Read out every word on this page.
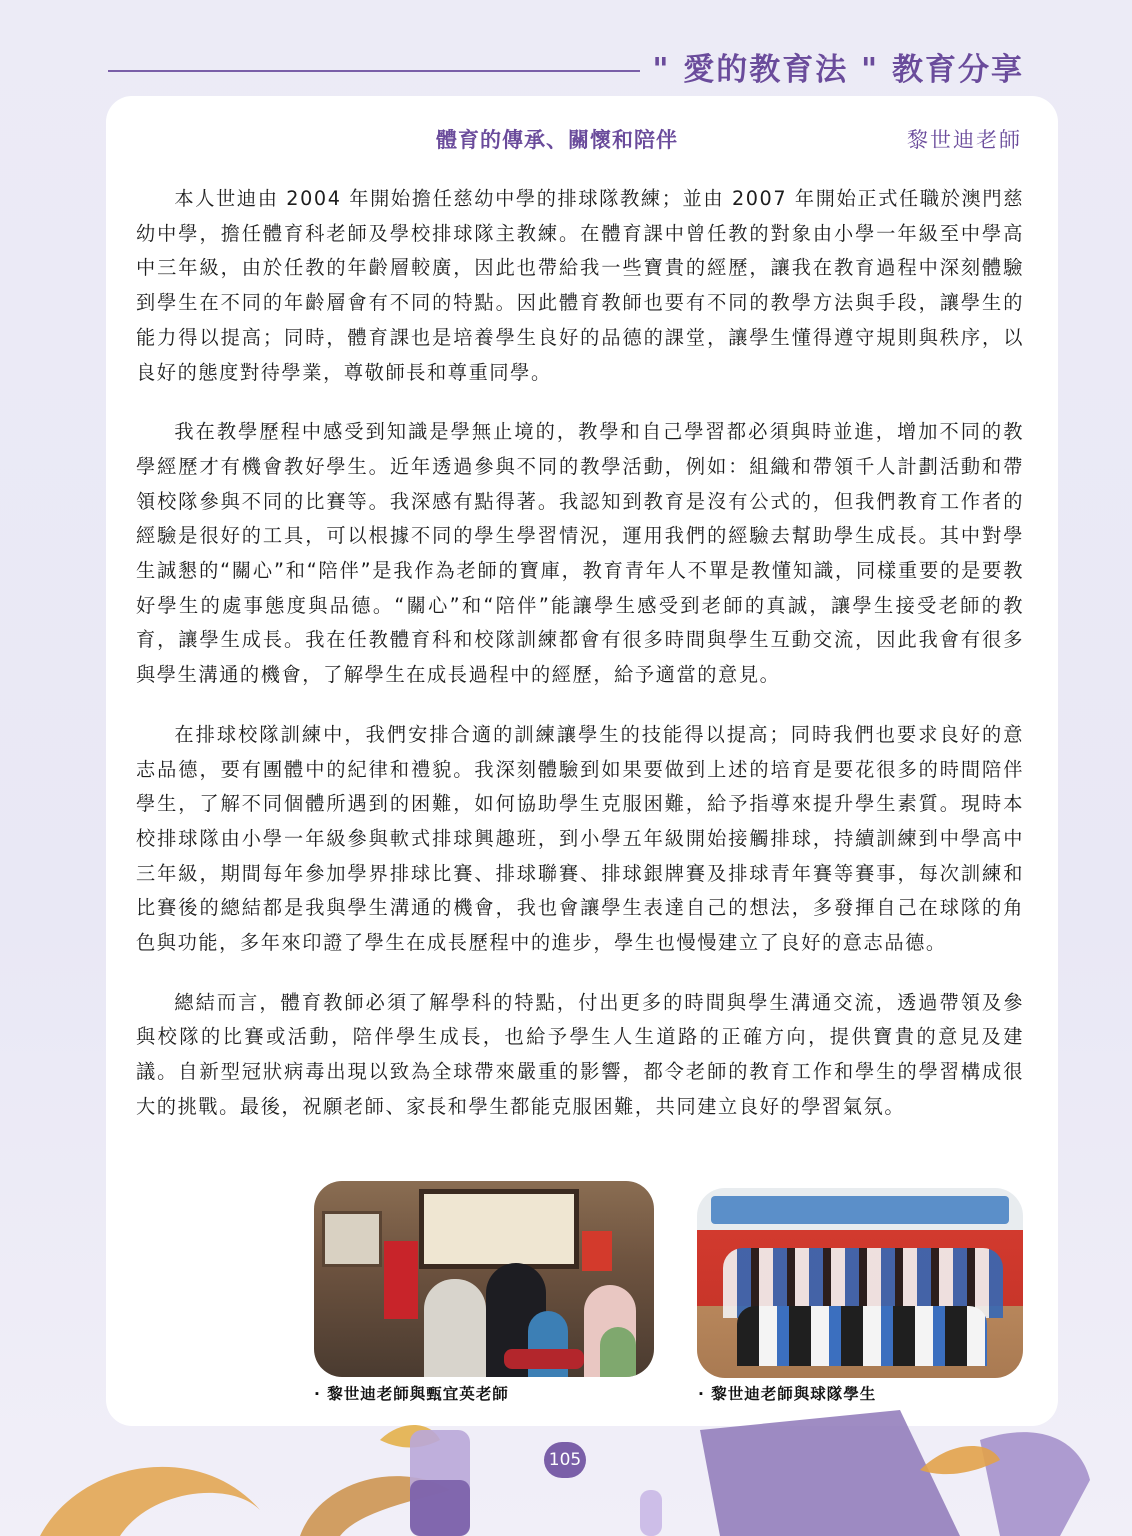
" 愛的教育法 " 教育分享
體育的傳承、關懷和陪伴	黎世迪老師

本人世迪由 2004 年開始擔任慈幼中學的排球隊教練；並由 2007 年開始正式任職於澳門慈幼中學，擔任體育科老師及學校排球隊主教練。在體育課中曾任教的對象由小學一年級至中學高中三年級，由於任教的年齡層較廣，因此也帶給我一些寶貴的經歷，讓我在教育過程中深刻體驗到學生在不同的年齡層會有不同的特點。因此體育教師也要有不同的教學方法與手段，讓學生的能力得以提高；同時，體育課也是培養學生良好的品德的課堂，讓學生懂得遵守規則與秩序，以良好的態度對待學業，尊敬師長和尊重同學。

我在教學歷程中感受到知識是學無止境的，教學和自己學習都必須與時並進，增加不同的教學經歷才有機會教好學生。近年透過參與不同的教學活動，例如：組織和帶領千人計劃活動和帶領校隊參與不同的比賽等。我深感有點得著。我認知到教育是沒有公式的，但我們教育工作者的經驗是很好的工具，可以根據不同的學生學習情況，運用我們的經驗去幫助學生成長。其中對學生誠懇的“關心”和“陪伴”是我作為老師的寶庫，教育青年人不單是教懂知識，同樣重要的是要教好學生的處事態度與品德。“關心”和“陪伴”能讓學生感受到老師的真誠，讓學生接受老師的教育，讓學生成長。我在任教體育科和校隊訓練都會有很多時間與學生互動交流，因此我會有很多與學生溝通的機會，了解學生在成長過程中的經歷，給予適當的意見。

在排球校隊訓練中，我們安排合適的訓練讓學生的技能得以提高；同時我們也要求良好的意志品德，要有團體中的紀律和禮貌。我深刻體驗到如果要做到上述的培育是要花很多的時間陪伴學生，了解不同個體所遇到的困難，如何協助學生克服困難，給予指導來提升學生素質。現時本校排球隊由小學一年級參與軟式排球興趣班，到小學五年級開始接觸排球，持續訓練到中學高中三年級，期間每年參加學界排球比賽、排球聯賽、排球銀牌賽及排球青年賽等賽事，每次訓練和比賽後的總結都是我與學生溝通的機會，我也會讓學生表達自己的想法，多發揮自己在球隊的角色與功能，多年來印證了學生在成長歷程中的進步，學生也慢慢建立了良好的意志品德。

總結而言，體育教師必須了解學科的特點，付出更多的時間與學生溝通交流，透過帶領及參與校隊的比賽或活動，陪伴學生成長，也給予學生人生道路的正確方向，提供寶貴的意見及建議。自新型冠狀病毒出現以致為全球帶來嚴重的影響，都令老師的教育工作和學生的學習構成很大的挑戰。最後，祝願老師、家長和學生都能克服困難，共同建立良好的學習氣氛。

· 黎世迪老師與甄宜英老師	· 黎世迪老師與球隊學生
105
